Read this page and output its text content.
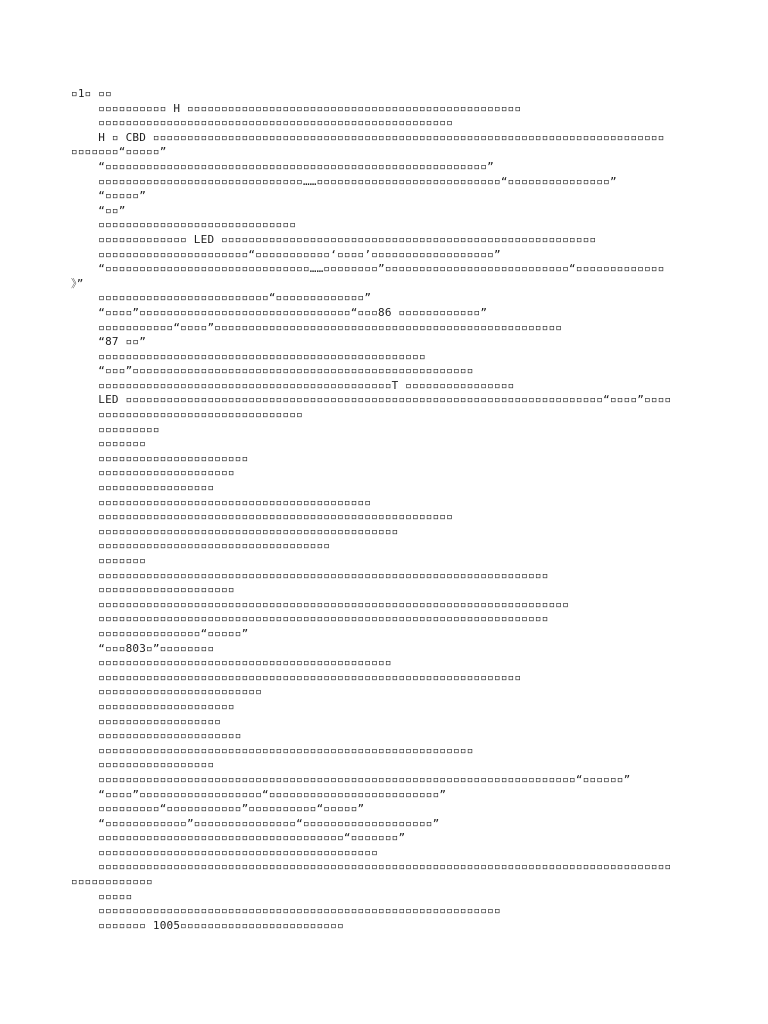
▫1▫ ▫▫
▫▫▫▫▫▫▫▫▫▫ H ▫▫▫▫▫▫▫▫▫▫▫▫▫▫▫▫▫▫▫▫▫▫▫▫▫▫▫▫▫▫▫▫▫▫▫▫▫▫▫▫▫▫▫▫▫▫▫▫▫
▫▫▫▫▫▫▫▫▫▫▫▫▫▫▫▫▫▫▫▫▫▫▫▫▫▫▫▫▫▫▫▫▫▫▫▫▫▫▫▫▫▫▫▫▫▫▫▫▫▫▫▫
H ▫ CBD ▫▫▫▫▫▫▫▫▫▫▫▫▫▫▫▫▫▫▫▫▫▫▫▫▫▫▫▫▫▫▫▫▫▫▫▫▫▫▫▫▫▫▫▫▫▫▫▫▫▫▫▫▫▫▫▫▫▫▫▫▫▫▫▫▫▫▫▫▫▫▫▫▫▫▫
▫▫▫▫▫▫▫“▫▫▫▫▫”
“▫▫▫▫▫▫▫▫▫▫▫▫▫▫▫▫▫▫▫▫▫▫▫▫▫▫▫▫▫▫▫▫▫▫▫▫▫▫▫▫▫▫▫▫▫▫▫▫▫▫▫▫▫▫▫▫”
▫▫▫▫▫▫▫▫▫▫▫▫▫▫▫▫▫▫▫▫▫▫▫▫▫▫▫▫▫▫……▫▫▫▫▫▫▫▫▫▫▫▫▫▫▫▫▫▫▫▫▫▫▫▫▫▫▫“▫▫▫▫▫▫▫▫▫▫▫▫▫▫▫”
“▫▫▫▫▫”
“▫▫”
▫▫▫▫▫▫▫▫▫▫▫▫▫▫▫▫▫▫▫▫▫▫▫▫▫▫▫▫▫
▫▫▫▫▫▫▫▫▫▫▫▫▫ LED ▫▫▫▫▫▫▫▫▫▫▫▫▫▫▫▫▫▫▫▫▫▫▫▫▫▫▫▫▫▫▫▫▫▫▫▫▫▫▫▫▫▫▫▫▫▫▫▫▫▫▫▫▫▫▫
▫▫▫▫▫▫▫▫▫▫▫▫▫▫▫▫▫▫▫▫▫▫“▫▫▫▫▫▫▫▫▫▫▫‘▫▫▫▫’▫▫▫▫▫▫▫▫▫▫▫▫▫▫▫▫▫▫”
“▫▫▫▫▫▫▫▫▫▫▫▫▫▫▫▫▫▫▫▫▫▫▫▫▫▫▫▫▫▫……▫▫▫▫▫▫▫▫”▫▫▫▫▫▫▫▫▫▫▫▫▫▫▫▫▫▫▫▫▫▫▫▫▫▫▫“▫▫▫▫▫▫▫▫▫▫▫▫▫
》”
▫▫▫▫▫▫▫▫▫▫▫▫▫▫▫▫▫▫▫▫▫▫▫▫▫“▫▫▫▫▫▫▫▫▫▫▫▫▫”
“▫▫▫▫”▫▫▫▫▫▫▫▫▫▫▫▫▫▫▫▫▫▫▫▫▫▫▫▫▫▫▫▫▫▫▫“▫▫▫86 ▫▫▫▫▫▫▫▫▫▫▫▫”
▫▫▫▫▫▫▫▫▫▫▫“▫▫▫▫”▫▫▫▫▫▫▫▫▫▫▫▫▫▫▫▫▫▫▫▫▫▫▫▫▫▫▫▫▫▫▫▫▫▫▫▫▫▫▫▫▫▫▫▫▫▫▫▫▫▫▫
“87 ▫▫”
▫▫▫▫▫▫▫▫▫▫▫▫▫▫▫▫▫▫▫▫▫▫▫▫▫▫▫▫▫▫▫▫▫▫▫▫▫▫▫▫▫▫▫▫▫▫▫▫
“▫▫▫”▫▫▫▫▫▫▫▫▫▫▫▫▫▫▫▫▫▫▫▫▫▫▫▫▫▫▫▫▫▫▫▫▫▫▫▫▫▫▫▫▫▫▫▫▫▫▫▫▫▫
▫▫▫▫▫▫▫▫▫▫▫▫▫▫▫▫▫▫▫▫▫▫▫▫▫▫▫▫▫▫▫▫▫▫▫▫▫▫▫▫▫▫▫T ▫▫▫▫▫▫▫▫▫▫▫▫▫▫▫▫
LED ▫▫▫▫▫▫▫▫▫▫▫▫▫▫▫▫▫▫▫▫▫▫▫▫▫▫▫▫▫▫▫▫▫▫▫▫▫▫▫▫▫▫▫▫▫▫▫▫▫▫▫▫▫▫▫▫▫▫▫▫▫▫▫▫▫▫▫▫▫▫“▫▫▫▫”▫▫▫▫
▫▫▫▫▫▫▫▫▫▫▫▫▫▫▫▫▫▫▫▫▫▫▫▫▫▫▫▫▫▫
▫▫▫▫▫▫▫▫▫
▫▫▫▫▫▫▫
▫▫▫▫▫▫▫▫▫▫▫▫▫▫▫▫▫▫▫▫▫▫
▫▫▫▫▫▫▫▫▫▫▫▫▫▫▫▫▫▫▫▫
▫▫▫▫▫▫▫▫▫▫▫▫▫▫▫▫▫
▫▫▫▫▫▫▫▫▫▫▫▫▫▫▫▫▫▫▫▫▫▫▫▫▫▫▫▫▫▫▫▫▫▫▫▫▫▫▫▫
▫▫▫▫▫▫▫▫▫▫▫▫▫▫▫▫▫▫▫▫▫▫▫▫▫▫▫▫▫▫▫▫▫▫▫▫▫▫▫▫▫▫▫▫▫▫▫▫▫▫▫▫
▫▫▫▫▫▫▫▫▫▫▫▫▫▫▫▫▫▫▫▫▫▫▫▫▫▫▫▫▫▫▫▫▫▫▫▫▫▫▫▫▫▫▫▫
▫▫▫▫▫▫▫▫▫▫▫▫▫▫▫▫▫▫▫▫▫▫▫▫▫▫▫▫▫▫▫▫▫▫
▫▫▫▫▫▫▫
▫▫▫▫▫▫▫▫▫▫▫▫▫▫▫▫▫▫▫▫▫▫▫▫▫▫▫▫▫▫▫▫▫▫▫▫▫▫▫▫▫▫▫▫▫▫▫▫▫▫▫▫▫▫▫▫▫▫▫▫▫▫▫▫▫▫
▫▫▫▫▫▫▫▫▫▫▫▫▫▫▫▫▫▫▫▫
▫▫▫▫▫▫▫▫▫▫▫▫▫▫▫▫▫▫▫▫▫▫▫▫▫▫▫▫▫▫▫▫▫▫▫▫▫▫▫▫▫▫▫▫▫▫▫▫▫▫▫▫▫▫▫▫▫▫▫▫▫▫▫▫▫▫▫▫▫
▫▫▫▫▫▫▫▫▫▫▫▫▫▫▫▫▫▫▫▫▫▫▫▫▫▫▫▫▫▫▫▫▫▫▫▫▫▫▫▫▫▫▫▫▫▫▫▫▫▫▫▫▫▫▫▫▫▫▫▫▫▫▫▫▫▫
▫▫▫▫▫▫▫▫▫▫▫▫▫▫▫“▫▫▫▫▫”
“▫▫▫803▫”▫▫▫▫▫▫▫▫
▫▫▫▫▫▫▫▫▫▫▫▫▫▫▫▫▫▫▫▫▫▫▫▫▫▫▫▫▫▫▫▫▫▫▫▫▫▫▫▫▫▫▫
▫▫▫▫▫▫▫▫▫▫▫▫▫▫▫▫▫▫▫▫▫▫▫▫▫▫▫▫▫▫▫▫▫▫▫▫▫▫▫▫▫▫▫▫▫▫▫▫▫▫▫▫▫▫▫▫▫▫▫▫▫▫
▫▫▫▫▫▫▫▫▫▫▫▫▫▫▫▫▫▫▫▫▫▫▫▫
▫▫▫▫▫▫▫▫▫▫▫▫▫▫▫▫▫▫▫▫
▫▫▫▫▫▫▫▫▫▫▫▫▫▫▫▫▫▫
▫▫▫▫▫▫▫▫▫▫▫▫▫▫▫▫▫▫▫▫▫
▫▫▫▫▫▫▫▫▫▫▫▫▫▫▫▫▫▫▫▫▫▫▫▫▫▫▫▫▫▫▫▫▫▫▫▫▫▫▫▫▫▫▫▫▫▫▫▫▫▫▫▫▫▫▫
▫▫▫▫▫▫▫▫▫▫▫▫▫▫▫▫▫
▫▫▫▫▫▫▫▫▫▫▫▫▫▫▫▫▫▫▫▫▫▫▫▫▫▫▫▫▫▫▫▫▫▫▫▫▫▫▫▫▫▫▫▫▫▫▫▫▫▫▫▫▫▫▫▫▫▫▫▫▫▫▫▫▫▫▫▫▫▫“▫▫▫▫▫▫”
“▫▫▫▫”▫▫▫▫▫▫▫▫▫▫▫▫▫▫▫▫▫▫“▫▫▫▫▫▫▫▫▫▫▫▫▫▫▫▫▫▫▫▫▫▫▫▫▫”
▫▫▫▫▫▫▫▫▫“▫▫▫▫▫▫▫▫▫▫▫”▫▫▫▫▫▫▫▫▫▫“▫▫▫▫▫”
“▫▫▫▫▫▫▫▫▫▫▫▫”▫▫▫▫▫▫▫▫▫▫▫▫▫▫▫“▫▫▫▫▫▫▫▫▫▫▫▫▫▫▫▫▫▫▫”
▫▫▫▫▫▫▫▫▫▫▫▫▫▫▫▫▫▫▫▫▫▫▫▫▫▫▫▫▫▫▫▫▫▫▫▫“▫▫▫▫▫▫▫”
▫▫▫▫▫▫▫▫▫▫▫▫▫▫▫▫▫▫▫▫▫▫▫▫▫▫▫▫▫▫▫▫▫▫▫▫▫▫▫▫▫
▫▫▫▫▫▫▫▫▫▫▫▫▫▫▫▫▫▫▫▫▫▫▫▫▫▫▫▫▫▫▫▫▫▫▫▫▫▫▫▫▫▫▫▫▫▫▫▫▫▫▫▫▫▫▫▫▫▫▫▫▫▫▫▫▫▫▫▫▫▫▫▫▫▫▫▫▫▫▫▫▫▫▫▫
▫▫▫▫▫▫▫▫▫▫▫▫
▫▫▫▫▫
▫▫▫▫▫▫▫▫▫▫▫▫▫▫▫▫▫▫▫▫▫▫▫▫▫▫▫▫▫▫▫▫▫▫▫▫▫▫▫▫▫▫▫▫▫▫▫▫▫▫▫▫▫▫▫▫▫▫▫
▫▫▫▫▫▫▫ 1005▫▫▫▫▫▫▫▫▫▫▫▫▫▫▫▫▫▫▫▫▫▫▫▫
